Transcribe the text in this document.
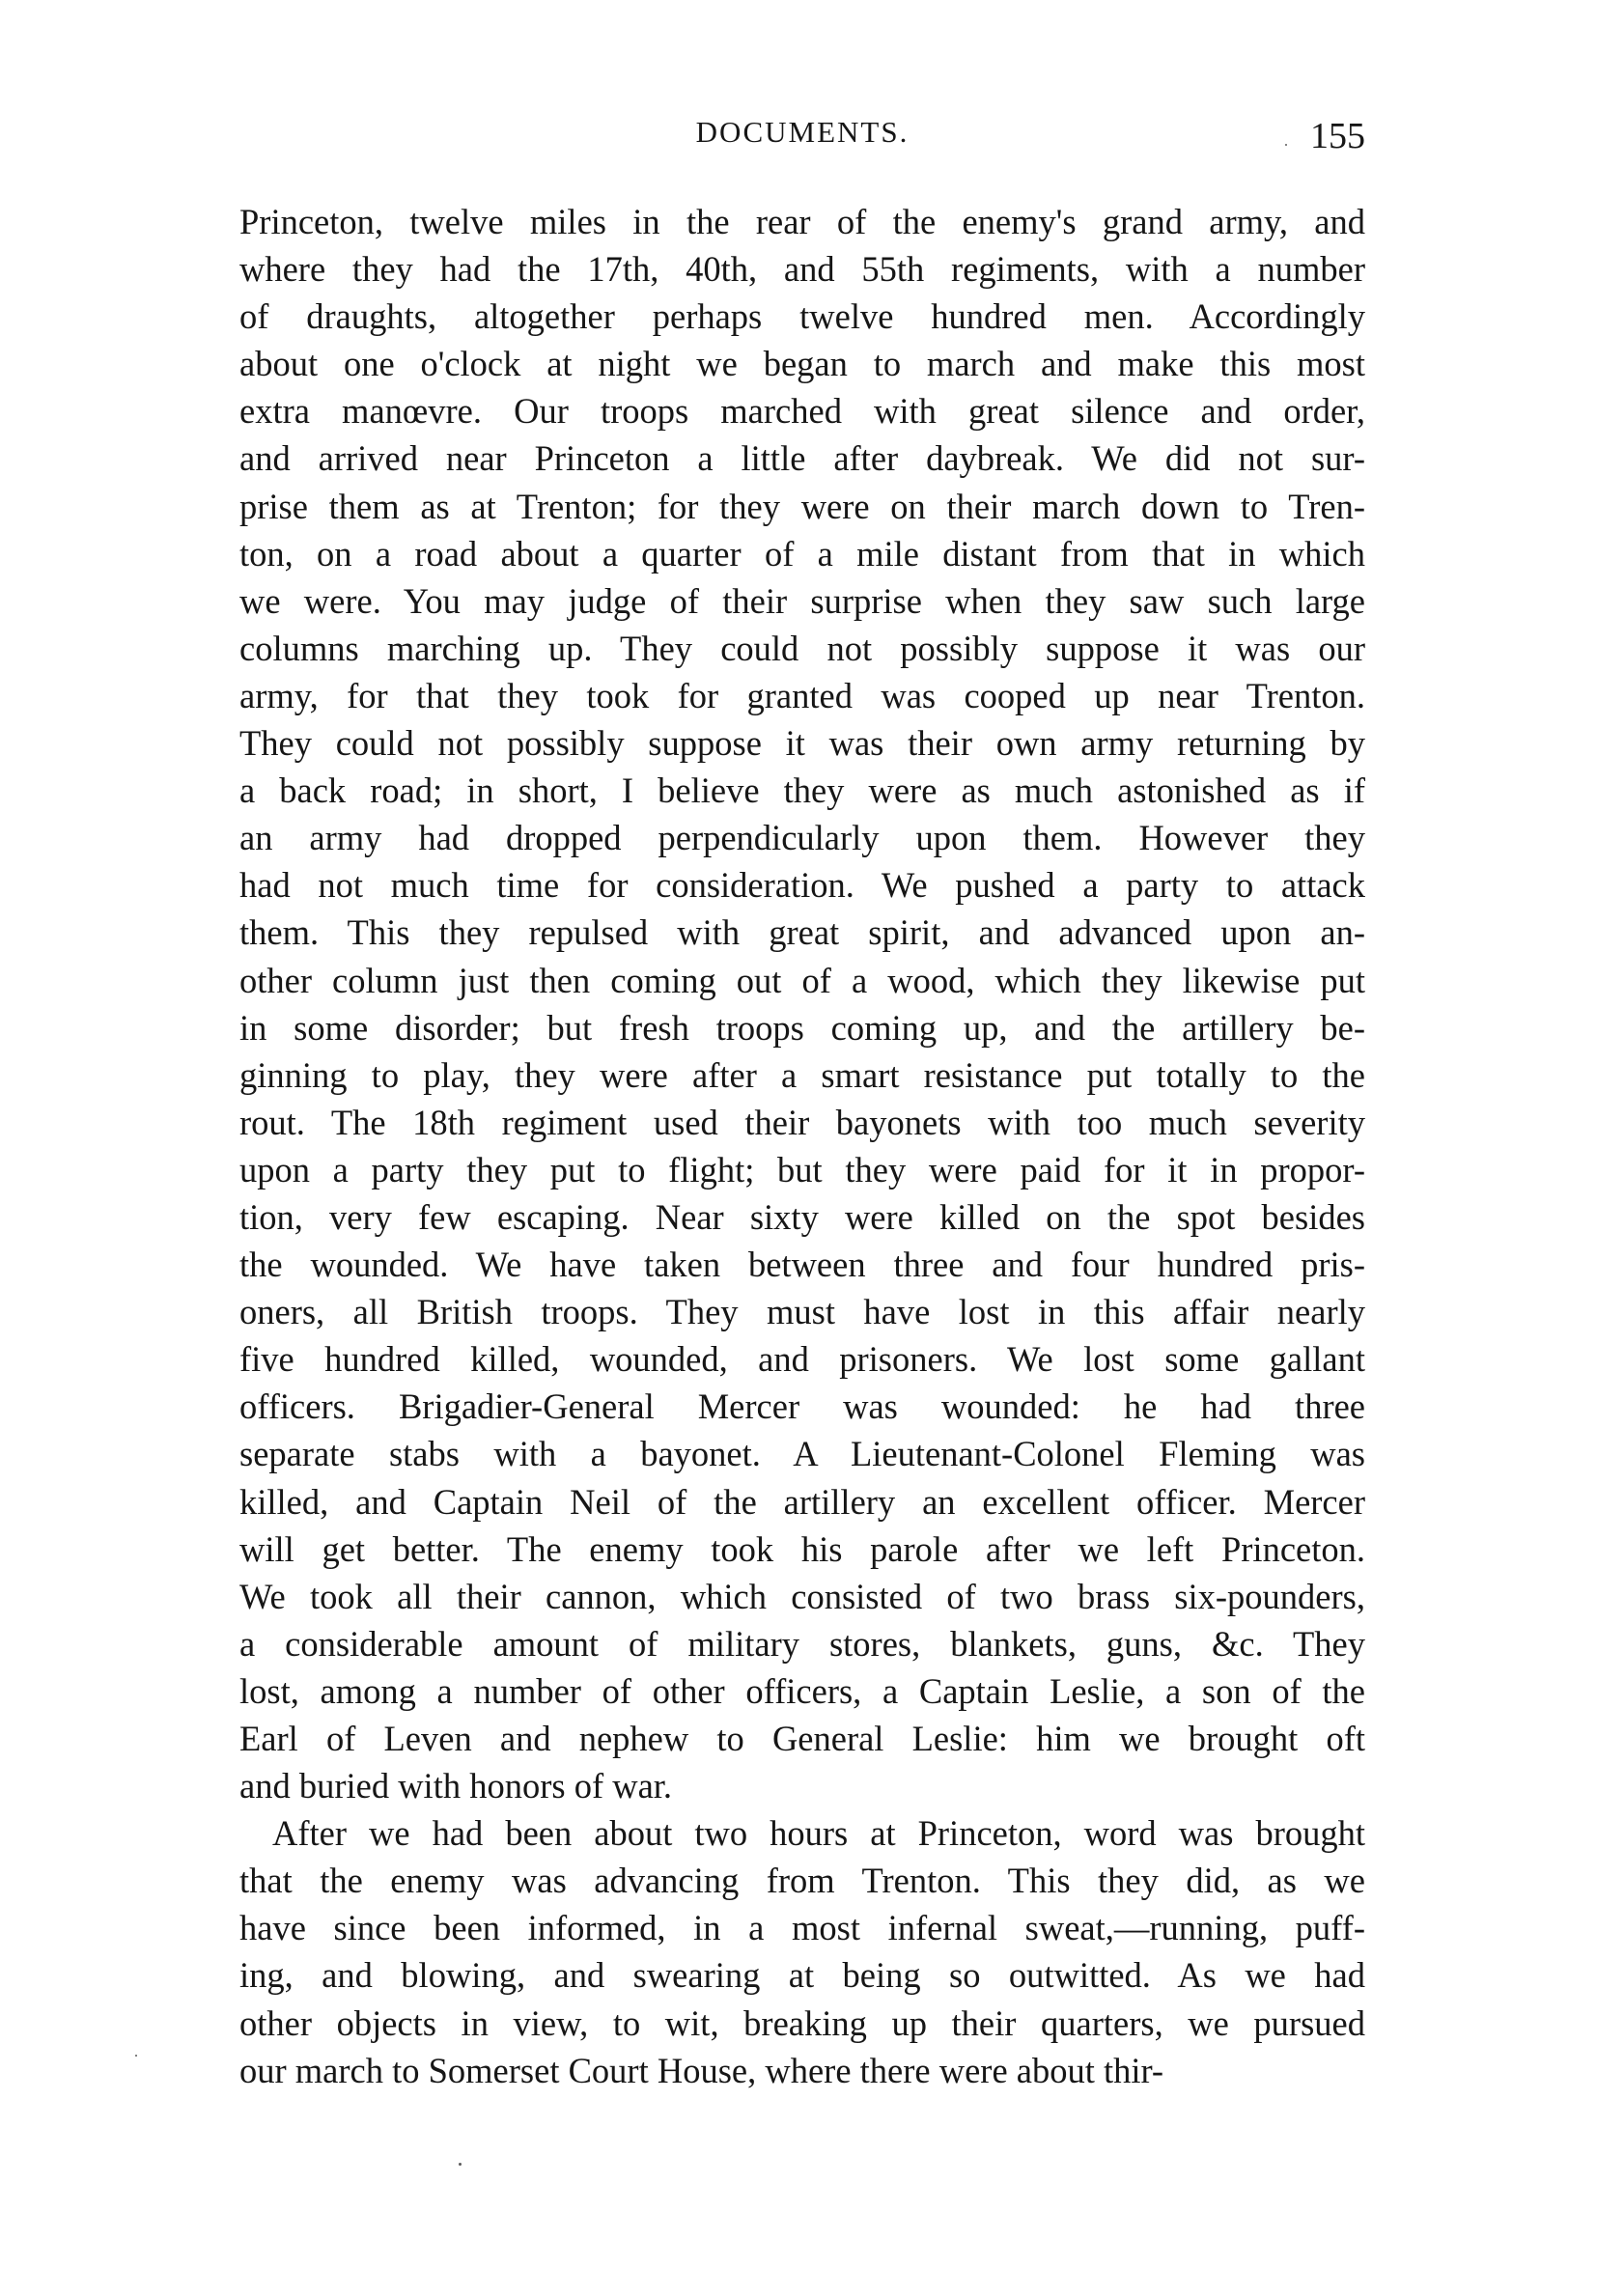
DOCUMENTS.	155
Princeton, twelve miles in the rear of the enemy's grand army, and
where they had the 17th, 40th, and 55th regiments, with a number
of draughts, altogether perhaps twelve hundred men. Accordingly
about one o'clock at night we began to march and make this most
extra manœvre. Our troops marched with great silence and order,
and arrived near Princeton a little after daybreak. We did not sur-
prise them as at Trenton; for they were on their march down to Tren-
ton, on a road about a quarter of a mile distant from that in which
we were. You may judge of their surprise when they saw such large
columns marching up. They could not possibly suppose it was our
army, for that they took for granted was cooped up near Trenton.
They could not possibly suppose it was their own army returning by
a back road; in short, I believe they were as much astonished as if
an army had dropped perpendicularly upon them. However they
had not much time for consideration. We pushed a party to attack
them. This they repulsed with great spirit, and advanced upon an-
other column just then coming out of a wood, which they likewise put
in some disorder; but fresh troops coming up, and the artillery be-
ginning to play, they were after a smart resistance put totally to the
rout. The 18th regiment used their bayonets with too much severity
upon a party they put to flight; but they were paid for it in propor-
tion, very few escaping. Near sixty were killed on the spot besides
the wounded. We have taken between three and four hundred pris-
oners, all British troops. They must have lost in this affair nearly
five hundred killed, wounded, and prisoners. We lost some gallant
officers. Brigadier-General Mercer was wounded: he had three
separate stabs with a bayonet. A Lieutenant-Colonel Fleming was
killed, and Captain Neil of the artillery an excellent officer. Mercer
will get better. The enemy took his parole after we left Princeton.
We took all their cannon, which consisted of two brass six-pounders,
a considerable amount of military stores, blankets, guns, &c. They
lost, among a number of other officers, a Captain Leslie, a son of the
Earl of Leven and nephew to General Leslie: him we brought oft
and buried with honors of war.
After we had been about two hours at Princeton, word was brought
that the enemy was advancing from Trenton. This they did, as we
have since been informed, in a most infernal sweat,—running, puff-
ing, and blowing, and swearing at being so outwitted. As we had
other objects in view, to wit, breaking up their quarters, we pursued
our march to Somerset Court House, where there were about thir-
